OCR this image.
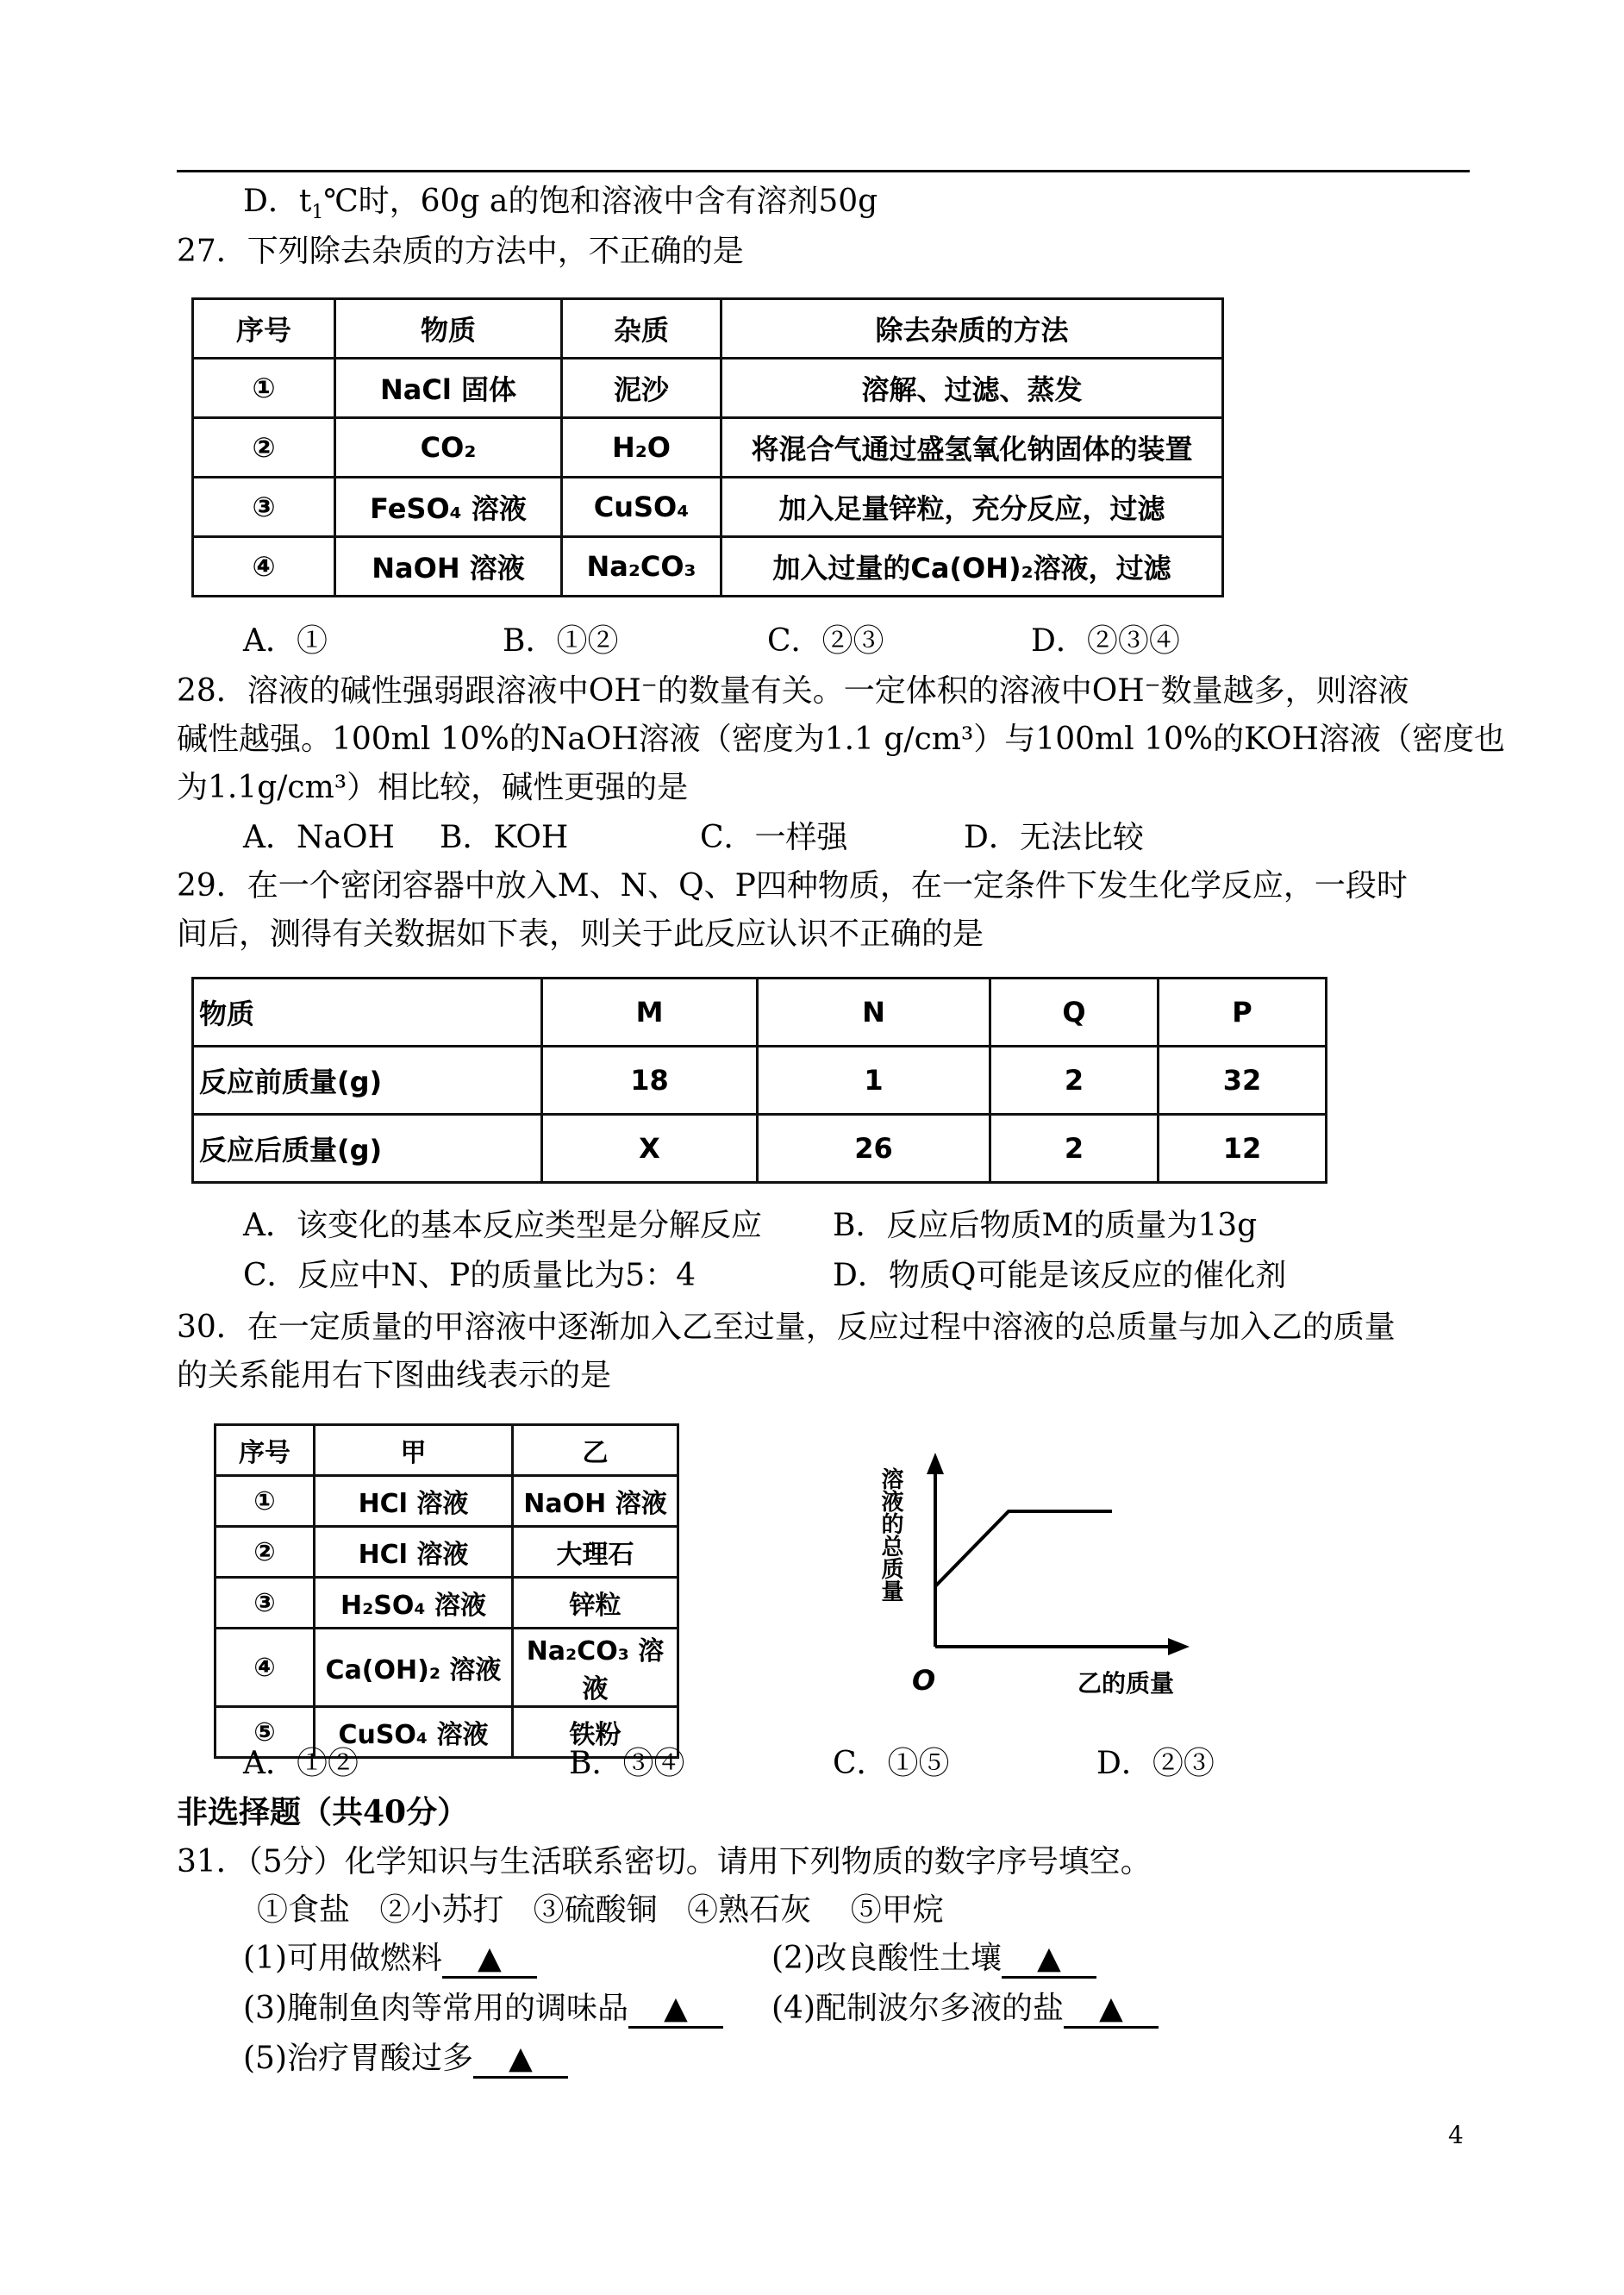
D．$t_1℃$时，60g a的饱和溶液中含有溶剂50g
27．下列除去杂质的方法中，不正确的是
序号	物质	杂质	除去杂质的方法
①	NaCl 固体	泥沙	溶解、过滤、蒸发
②	CO₂	H₂O	将混合气通过盛氢氧化钠固体的装置
③	FeSO₄ 溶液	CuSO₄	加入足量锌粒，充分反应，过滤
④	NaOH 溶液	Na₂CO₃	加入过量的Ca(OH)₂溶液，过滤
A．①	B．①②	C．②③	D．②③④
28．溶液的碱性强弱跟溶液中OH⁻的数量有关。一定体积的溶液中OH⁻数量越多，则溶液
碱性越强。100ml 10%的NaOH溶液（密度为1.1 g/cm³）与100ml 10%的KOH溶液（密度也
为1.1g/cm³）相比较，碱性更强的是
A．NaOH B．KOH	C．一样强	D．无法比较
29．在一个密闭容器中放入M、N、Q、P四种物质，在一定条件下发生化学反应，一段时
间后，测得有关数据如下表，则关于此反应认识不正确的是
物质	M	N	Q	P
反应前质量(g)	18	1	2	32
反应后质量(g)	X	26	2	12
A．该变化的基本反应类型是分解反应 B．反应后物质M的质量为13g
C．反应中N、P的质量比为5：4	D．物质Q可能是该反应的催化剂
30．在一定质量的甲溶液中逐渐加入乙至过量，反应过程中溶液的总质量与加入乙的质量
的关系能用右下图曲线表示的是
序号	甲	乙
①	HCl 溶液	NaOH 溶液
②	HCl 溶液	大理石
③	H₂SO₄ 溶液	锌粒
④	Ca(OH)₂ 溶液	Na₂CO₃ 溶液
⑤	CuSO₄ 溶液	铁粉
O	乙的质量
溶液的总质量
A．①②	B．③④	C．①⑤	D．②③
非选择题（共40分）
31．（5分）化学知识与生活联系密切。请用下列物质的数字序号填空。
①食盐   ②小苏打   ③硫酸铜   ④熟石灰    ⑤甲烷
(1)可用做燃料 ▲	(2)改良酸性土壤 ▲
(3)腌制鱼肉等常用的调味品 ▲	(4)配制波尔多液的盐 ▲
(5)治疗胃酸过多 ▲
4
